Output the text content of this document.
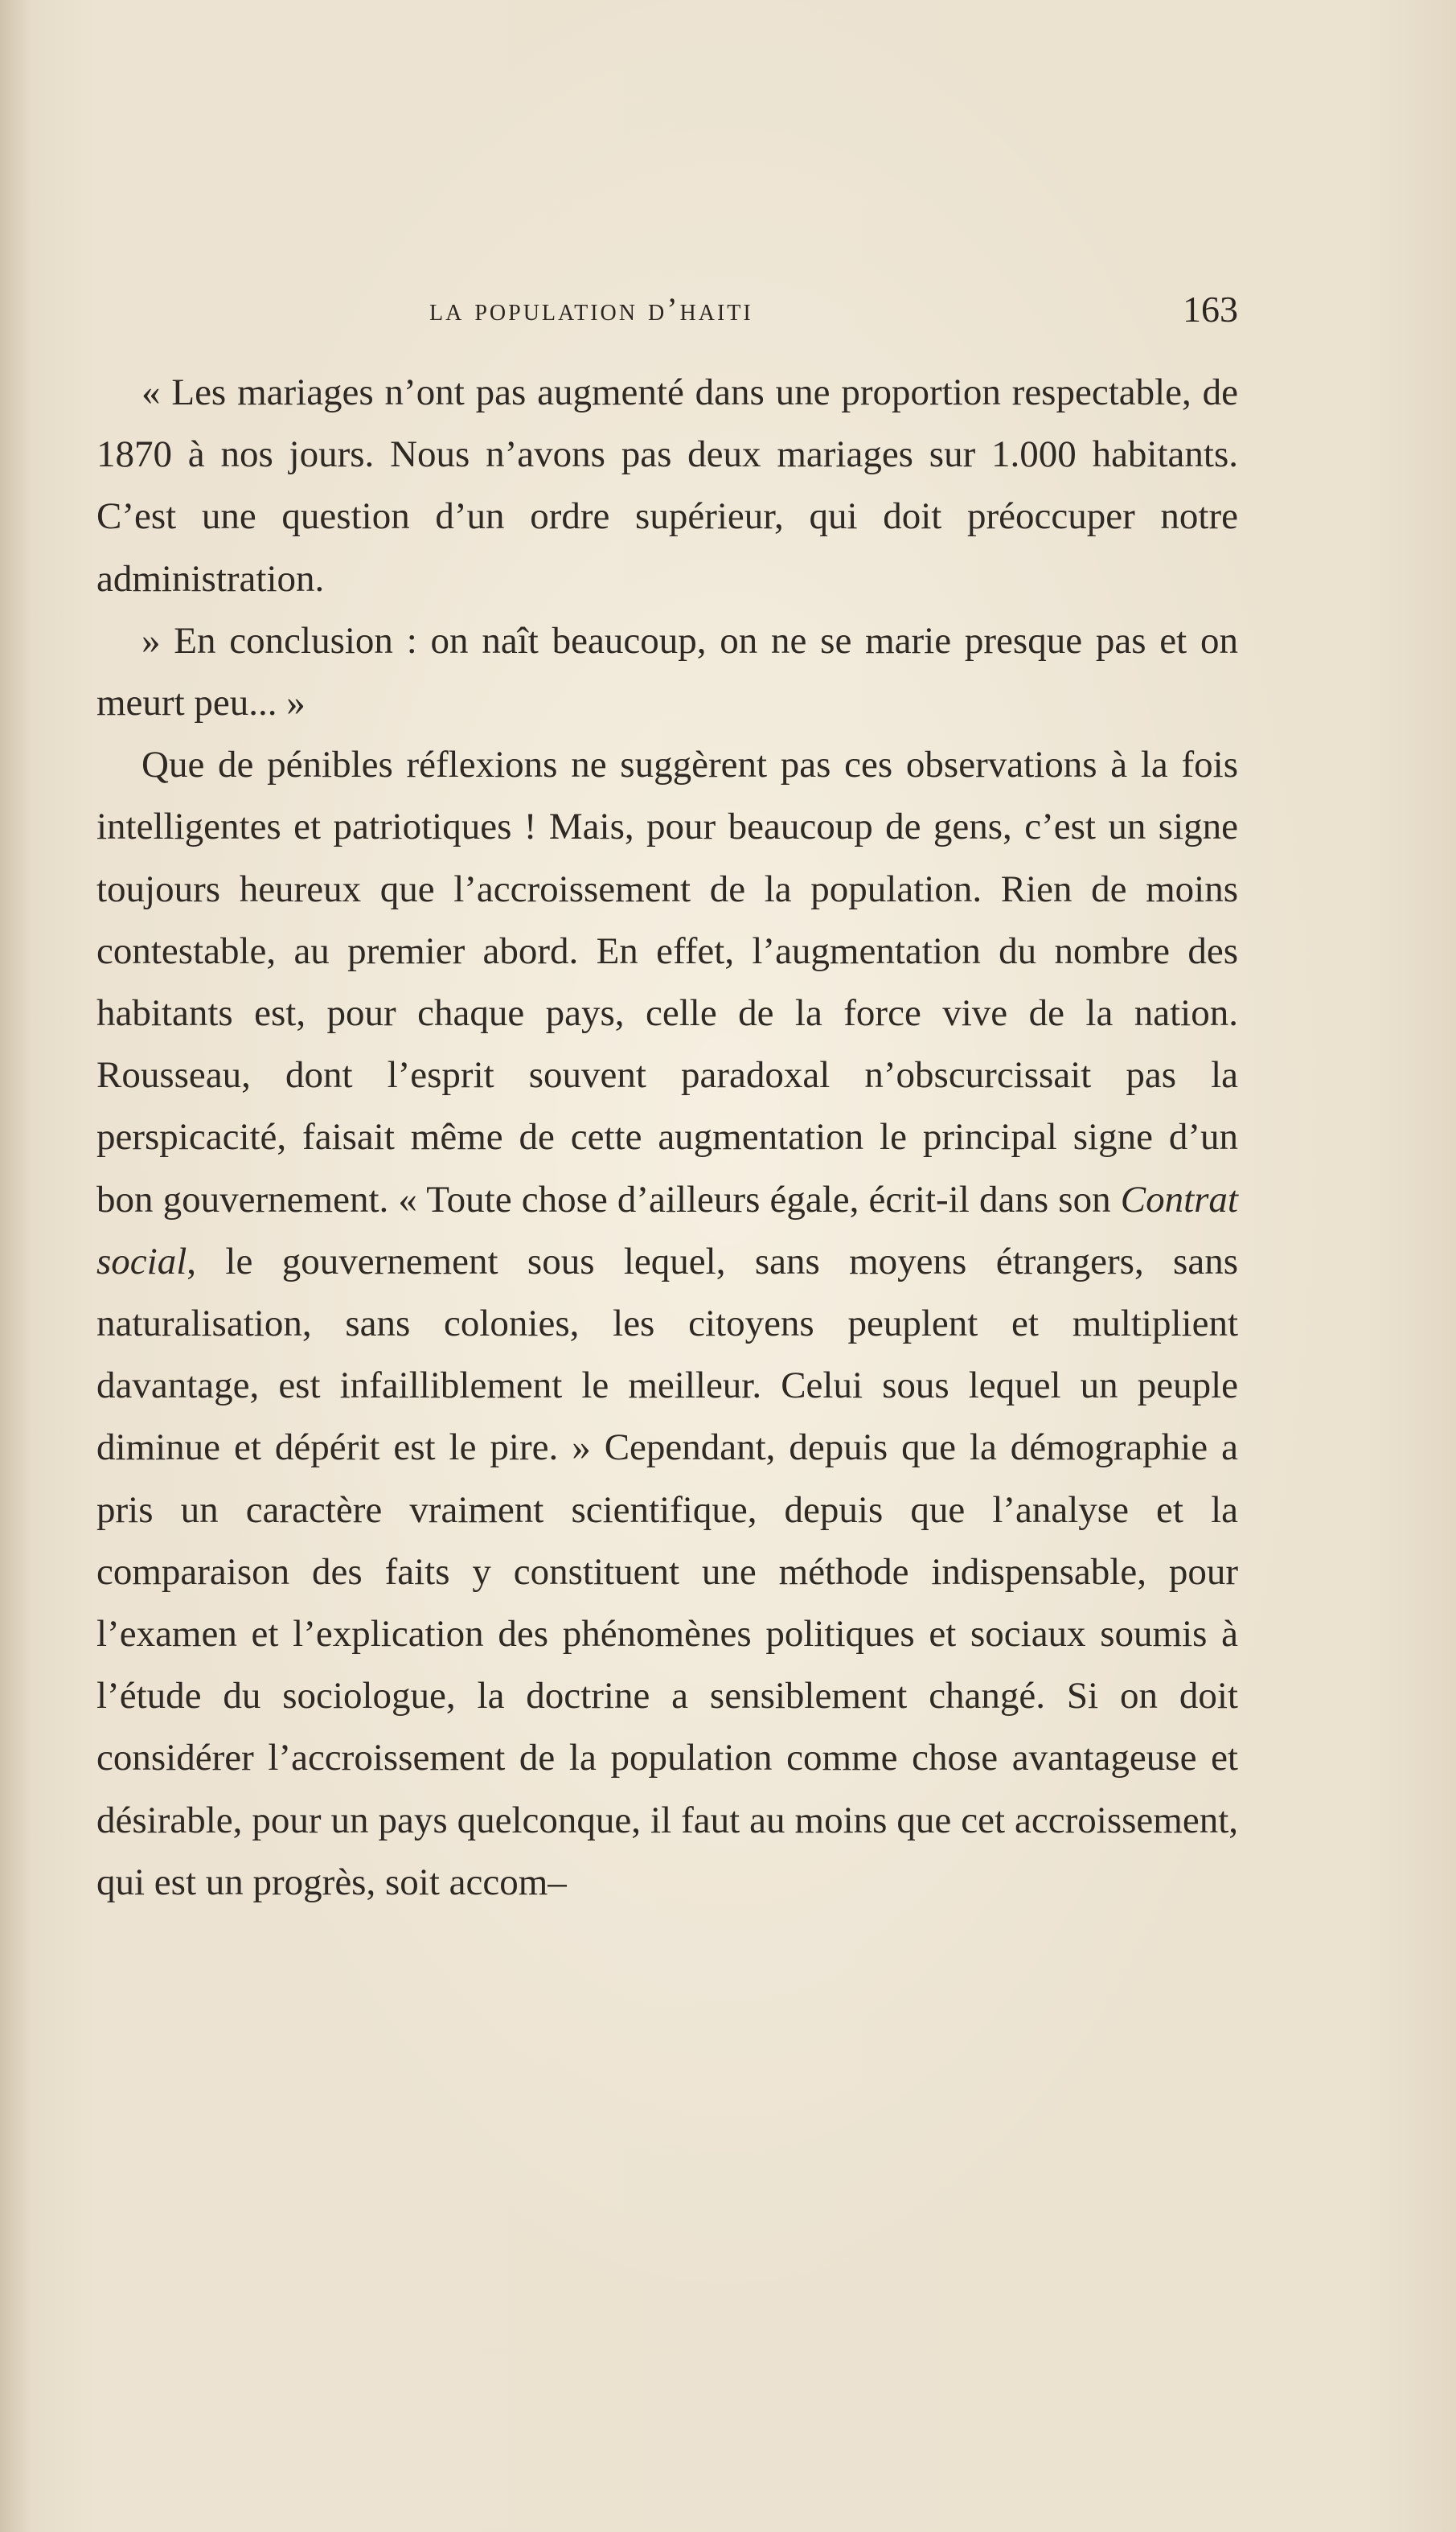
la population d’haiti	163

« Les mariages n’ont pas augmenté dans une proportion respectable, de 1870 à nos jours. Nous n’avons pas deux mariages sur 1.000 habitants. C’est une question d’un ordre supérieur, qui doit préoccuper notre administration.

» En conclusion : on naît beaucoup, on ne se marie presque pas et on meurt peu... »

Que de pénibles réflexions ne suggèrent pas ces observations à la fois intelligentes et patriotiques ! Mais, pour beaucoup de gens, c’est un signe toujours heureux que l’accroissement de la population. Rien de moins contestable, au premier abord. En effet, l’augmentation du nombre des habitants est, pour chaque pays, celle de la force vive de la nation. Rousseau, dont l’esprit souvent paradoxal n’obscurcissait pas la perspicacité, faisait même de cette augmentation le principal signe d’un bon gouvernement. « Toute chose d’ailleurs égale, écrit-il dans son Contrat social, le gouvernement sous lequel, sans moyens étrangers, sans naturalisation, sans colonies, les citoyens peuplent et multiplient davantage, est infailliblement le meilleur. Celui sous lequel un peuple diminue et dépérit est le pire. » Cependant, depuis que la démographie a pris un caractère vraiment scientifique, depuis que l’analyse et la comparaison des faits y constituent une méthode indispensable, pour l’examen et l’explication des phénomènes politiques et sociaux soumis à l’étude du sociologue, la doctrine a sensiblement changé. Si on doit considérer l’accroissement de la population comme chose avantageuse et désirable, pour un pays quelconque, il faut au moins que cet accroissement, qui est un progrès, soit accom–
